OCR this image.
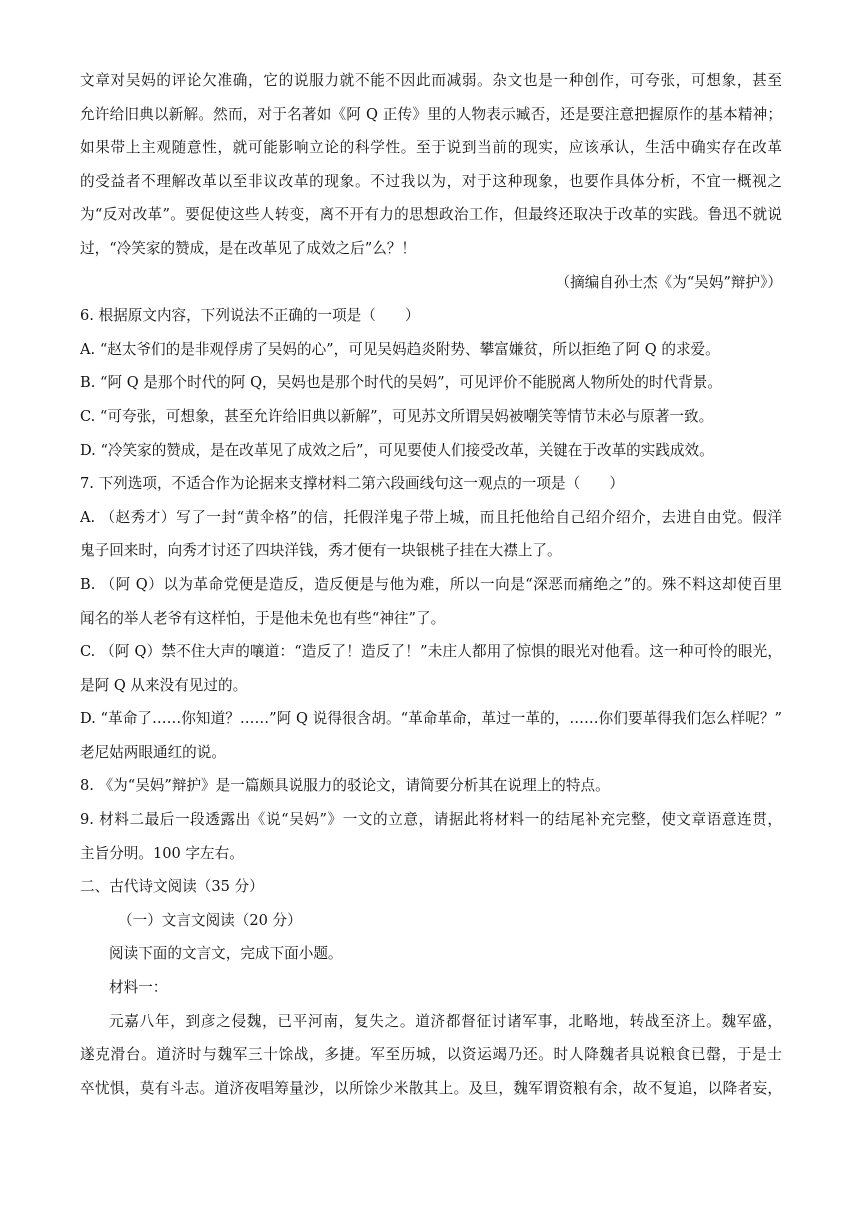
文章对吴妈的评论欠准确，它的说服力就不能不因此而减弱。杂文也是一种创作，可夸张，可想象，甚至
允许给旧典以新解。然而，对于名著如《阿 Q 正传》里的人物表示臧否，还是要注意把握原作的基本精神；
如果带上主观随意性，就可能影响立论的科学性。至于说到当前的现实，应该承认，生活中确实存在改革
的受益者不理解改革以至非议改革的现象。不过我以为，对于这种现象，也要作具体分析，不宜一概视之
为“反对改革”。要促使这些人转变，离不开有力的思想政治工作，但最终还取决于改革的实践。鲁迅不就说
过，“冷笑家的赞成，是在改革见了成效之后”么？！
（摘编自孙士杰《为“吴妈”辩护》）
6. 根据原文内容，下列说法不正确的一项是（　　）
A. “赵太爷们的是非观俘虏了吴妈的心”，可见吴妈趋炎附势、攀富嫌贫，所以拒绝了阿 Q 的求爱。
B. “阿 Q 是那个时代的阿 Q，吴妈也是那个时代的吴妈”，可见评价不能脱离人物所处的时代背景。
C. “可夸张，可想象，甚至允许给旧典以新解”，可见苏文所谓吴妈被嘲笑等情节未必与原著一致。
D. “冷笑家的赞成，是在改革见了成效之后”，可见要使人们接受改革，关键在于改革的实践成效。
7. 下列选项，不适合作为论据来支撑材料二第六段画线句这一观点的一项是（　　）
A. （赵秀才）写了一封“黄伞格”的信，托假洋鬼子带上城，而且托他给自己绍介绍介，去进自由党。假洋
鬼子回来时，向秀才讨还了四块洋钱，秀才便有一块银桃子挂在大襟上了。
B. （阿 Q）以为革命党便是造反，造反便是与他为难，所以一向是“深恶而痛绝之”的。殊不料这却使百里
闻名的举人老爷有这样怕，于是他未免也有些“神往”了。
C. （阿 Q）禁不住大声的嚷道：“造反了！造反了！”未庄人都用了惊惧的眼光对他看。这一种可怜的眼光，
是阿 Q 从来没有见过的。
D. “革命了……你知道？……”阿 Q 说得很含胡。“革命革命，革过一革的，……你们要革得我们怎么样呢？”
老尼姑两眼通红的说。
8. 《为“吴妈”辩护》是一篇颇具说服力的驳论文，请简要分析其在说理上的特点。
9. 材料二最后一段透露出《说“吴妈”》一文的立意，请据此将材料一的结尾补充完整，使文章语意连贯，
主旨分明。100 字左右。
二、古代诗文阅读（35 分）
（一）文言文阅读（20 分）
阅读下面的文言文，完成下面小题。
材料一：
元嘉八年，到彦之侵魏，已平河南，复失之。道济都督征讨诸军事，北略地，转战至济上。魏军盛，
遂克滑台。道济时与魏军三十馀战，多捷。军至历城，以资运竭乃还。时人降魏者具说粮食已罄，于是士
卒忧惧，莫有斗志。道济夜唱筹量沙，以所馀少米散其上。及旦，魏军谓资粮有余，故不复追，以降者妄，
